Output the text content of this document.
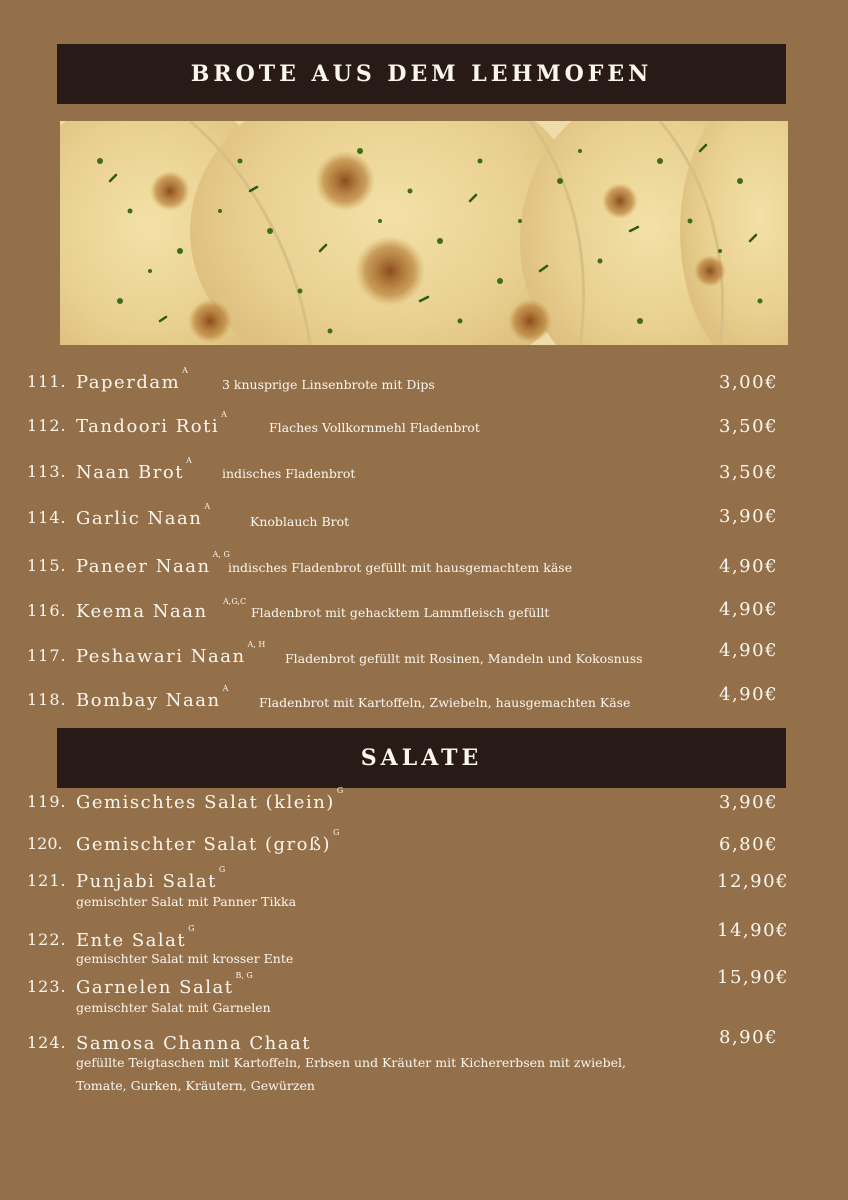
BROTE AUS DEM LEHMOFEN
111. Paperdam$^A$
3 knusprige Linsenbrote mit Dips	3,00€
112. Tandoori Roti$^A$
Flaches Vollkornmehl Fladenbrot	3,50€
113. Naan Brot$^A$
indisches Fladenbrot	3,50€
114. Garlic Naan$^A$
Knoblauch Brot	3,90€
115. Paneer Naan$^{A, G}$
indisches Fladenbrot gefüllt mit hausgemachtem käse	4,90€
116. Keema Naan A,G,C
Fladenbrot mit gehacktem Lammfleisch gefüllt	4,90€
117. Peshawari Naan$^{A, H}$
Fladenbrot gefüllt mit Rosinen, Mandeln und Kokosnuss	4,90€
118. Bombay Naan$^A$
Fladenbrot mit Kartoffeln, Zwiebeln, hausgemachten Käse	4,90€
SALATE
119. Gemischtes Salat (klein)$^G$
3,90€
120. Gemischter Salat (groß)$^G$
6,80€
121. Punjabi Salat$^G$
gemischter Salat mit Panner Tikka
12,90€
122. Ente Salat$^G$
gemischter Salat mit krosser Ente
14,90€
123. Garnelen Salat$^{B, G}$
gemischter Salat mit Garnelen
15,90€
124. Samosa Channa Chaat
gefüllte Teigtaschen mit Kartoffeln, Erbsen und Kräuter mit Kichererbsen mit zwiebel,
Tomate, Gurken, Kräutern, Gewürzen
8,90€
